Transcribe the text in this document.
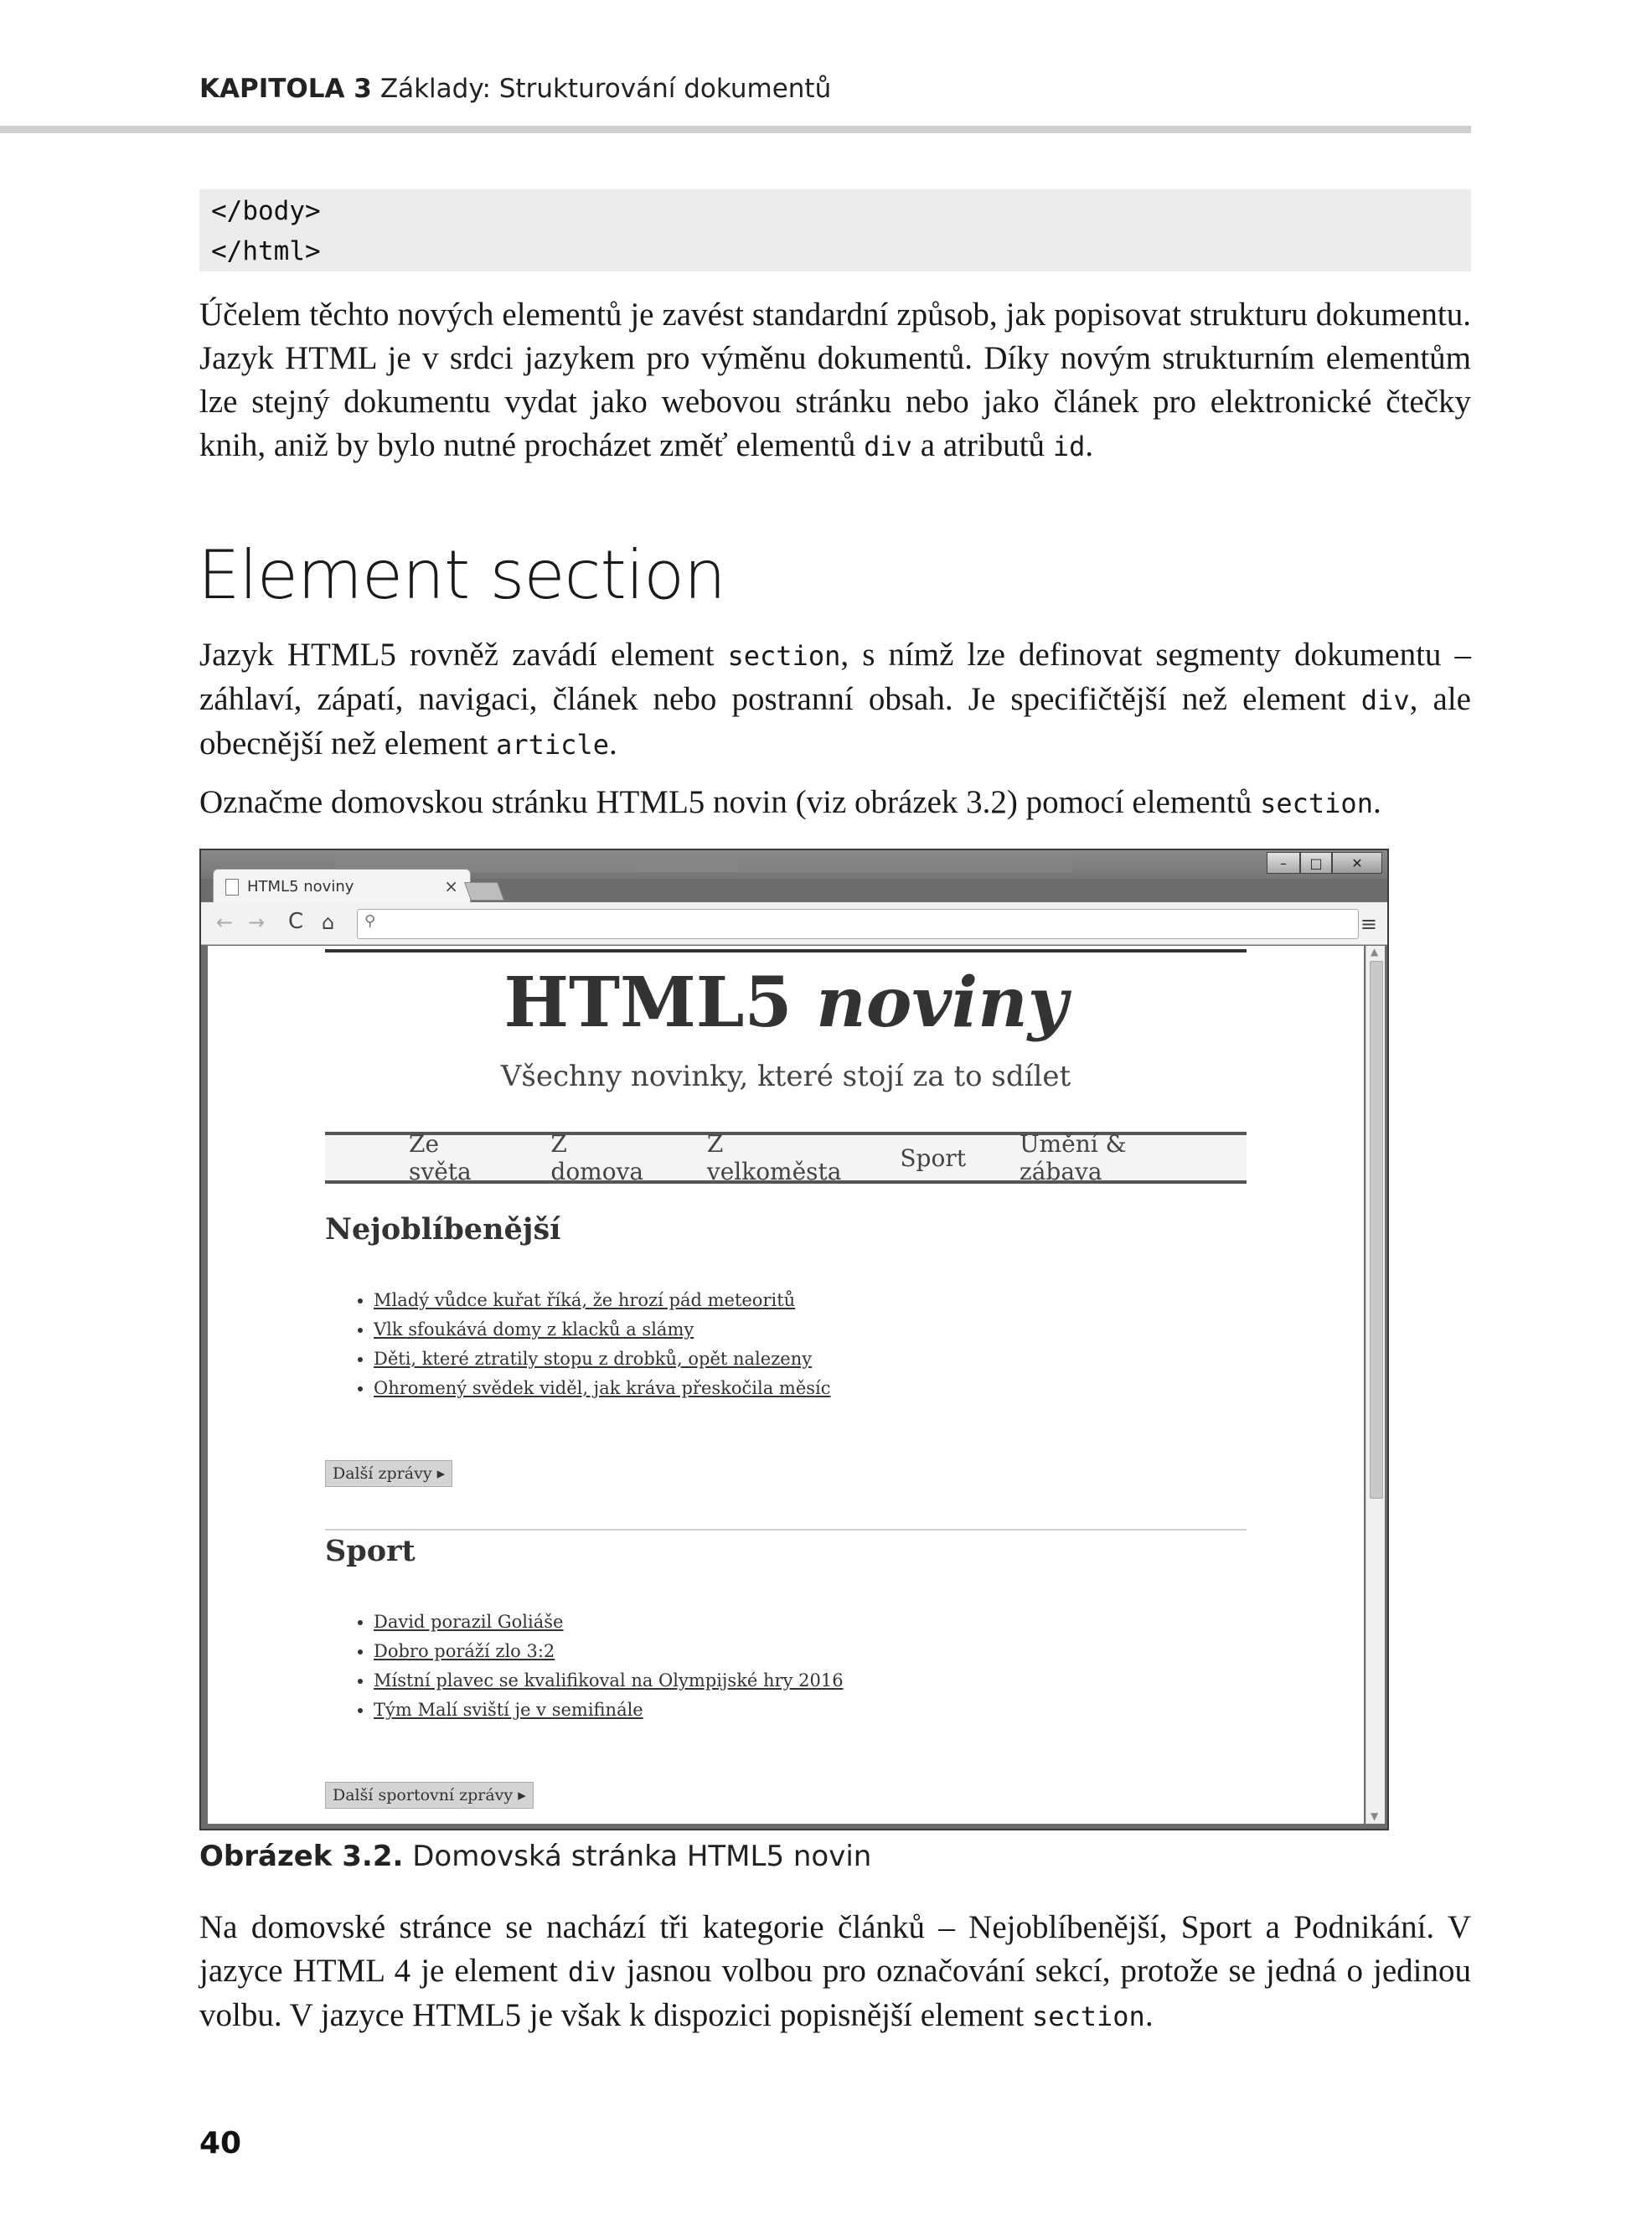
KAPITOLA 3 Základy: Strukturování dokumentů
</body>
</html>
Účelem těchto nových elementů je zavést standardní způsob, jak popisovat strukturu dokumentu. Jazyk HTML je v srdci jazykem pro výměnu dokumentů. Díky novým strukturním elementům lze stejný dokumentu vydat jako webovou stránku nebo jako článek pro elektronické čtečky knih, aniž by bylo nutné procházet změť elementů div a atributů id.
Element section
Jazyk HTML5 rovněž zavádí element section, s nímž lze definovat segmenty dokumentu – záhlaví, zápatí, navigaci, článek nebo postranní obsah. Je specifičtější než element div, ale obecnější než element article.
Označme domovskou stránku HTML5 novin (viz obrázek 3.2) pomocí elementů section.
–	□	✕
HTML5 noviny	×
← → C ⌂ ⚲	≡
HTML5 noviny
Všechny novinky, které stojí za to sdílet
Ze světa
Z domova
Z velkoměsta Sport Umění & zábava
Nejoblíbenější
• Mladý vůdce kuřat říká, že hrozí pád meteoritů
• Vlk sfoukává domy z klacků a slámy
• Děti, které ztratily stopu z drobků, opět nalezeny
• Ohromený svědek viděl, jak kráva přeskočila měsíc
Další zprávy ▸
Sport
• David porazil Goliáše
• Dobro poráží zlo 3:2
• Místní plavec se kvalifikoval na Olympijské hry 2016
• Tým Malí sviští je v semifinále
Další sportovní zprávy ▸
▲
▼
Obrázek 3.2. Domovská stránka HTML5 novin
Na domovské stránce se nachází tři kategorie článků – Nejoblíbenější, Sport a Podnikání. V jazyce HTML 4 je element div jasnou volbou pro označování sekcí, protože se jedná o jedinou volbu. V jazyce HTML5 je však k dispozici popisnější element section.
40
